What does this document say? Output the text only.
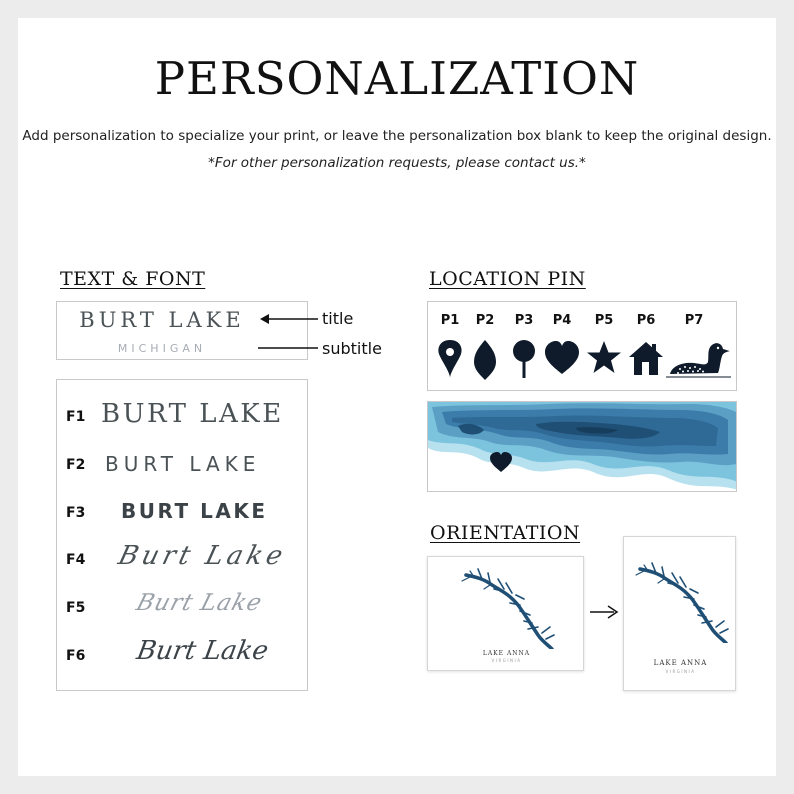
PERSONALIZATION
Add personalization to specialize your print, or leave the personalization box blank to keep the original design.
*For other personalization requests, please contact us.*
TEXT & FONT
BURT LAKE
MICHIGAN
title
subtitle
F1 BURT LAKE
F2 BURT LAKE
F3 BURT LAKE
F4 Burt Lake
F5 Burt Lake
F6 Burt Lake
LOCATION PIN
P1	P2	P3	P4	P5	P6	P7
ORIENTATION
LAKE ANNA
VIRGINIA	LAKE ANNA
VIRGINIA
